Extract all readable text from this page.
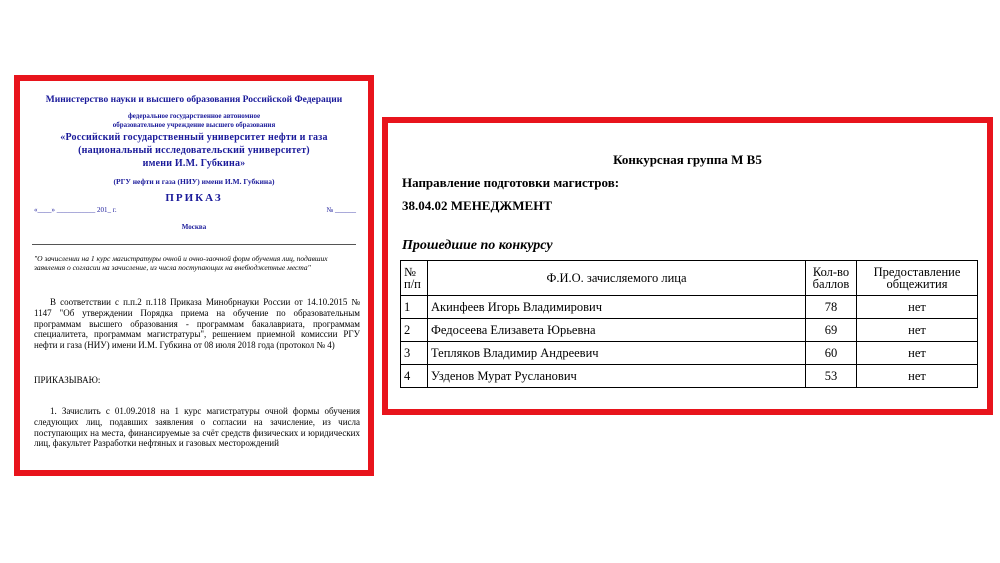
Министерство науки и высшего образования Российской Федерации
федеральное государственное автономное
образовательное учреждение высшего образования
«Российский государственный университет нефти и газа
(национальный исследовательский университет)
имени И.М. Губкина»
(РГУ нефти и газа (НИУ) имени И.М. Губкина)
ПРИКАЗ
«____» ___________ 201_ г.	№ ______
Москва
"О зачислении на 1 курс магистратуры очной и очно-заочной форм обучения лиц, подавших заявления о согласии на зачисление, из числа поступающих на внебюджетные места"
В соответствии с п.п.2 п.118 Приказа Минобрнауки России от 14.10.2015 № 1147 "Об утверждении Порядка приема на обучение по образовательным программам высшего образования - программам бакалавриата, программам специалитета, программам магистратуры", решением приемной комиссии РГУ нефти и газа (НИУ) имени И.М. Губкина от 08 июля 2018 года (протокол № 4)
ПРИКАЗЫВАЮ:
1. Зачислить с 01.09.2018 на 1 курс магистратуры очной формы обучения следующих лиц, подавших заявления о согласии на зачисление, из числа поступающих на места, финансируемые за счёт средств физических и юридических лиц, факультет Разработки нефтяных и газовых месторождений
Конкурсная группа М В5
Направление подготовки магистров:
38.04.02 МЕНЕДЖМЕНТ
Прошедшие по конкурсу
№ п/п	Ф.И.О. зачисляемого лица	Кол-во баллов	Предоставление общежития
1	Акинфеев Игорь Владимирович	78	нет
2	Федосеева Елизавета Юрьевна	69	нет
3	Тепляков Владимир Андреевич	60	нет
4	Узденов Мурат Русланович	53	нет
